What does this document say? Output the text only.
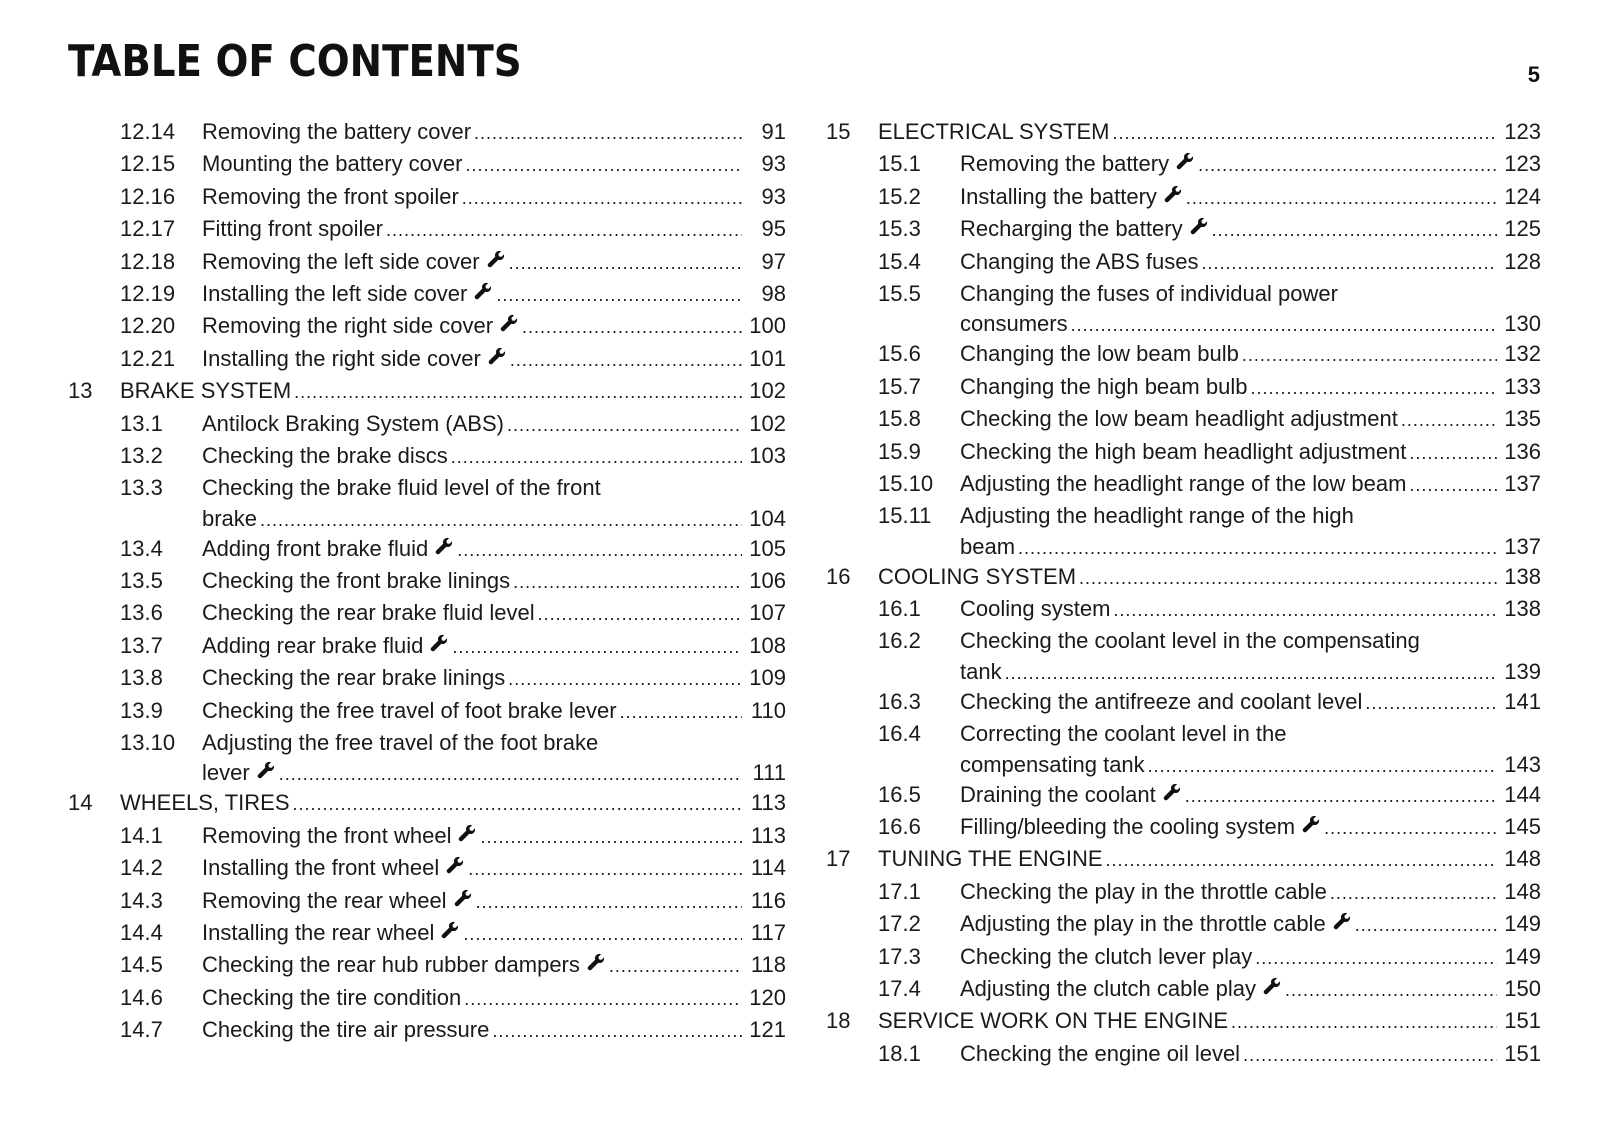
TABLE OF CONTENTS	5
12.14 Removing the battery cover .....	91
12.15 Mounting the battery cover .....	93
12.16 Removing the front spoiler .....	93
12.17 Fitting front spoiler .....	95
12.18 Removing the left side cover .....	97
12.19 Installing the left side cover .....	98
12.20 Removing the right side cover .....	100
12.21 Installing the right side cover .....	101
13 BRAKE SYSTEM .....	102
13.1 Antilock Braking System (ABS) .....	102
13.2 Checking the brake discs .....	103
13.3 Checking the brake fluid level of the front
brake .....	104
13.4 Adding front brake fluid .....	105
13.5 Checking the front brake linings .....	106
13.6 Checking the rear brake fluid level .....	107
13.7 Adding rear brake fluid .....	108
13.8 Checking the rear brake linings .....	109
13.9 Checking the free travel of foot brake lever .....	110
13.10 Adjusting the free travel of the foot brake
lever .....	111
14 WHEELS, TIRES .....	113
14.1 Removing the front wheel .....	113
14.2 Installing the front wheel .....	114
14.3 Removing the rear wheel .....	116
14.4 Installing the rear wheel .....	117
14.5 Checking the rear hub rubber dampers .....	118
14.6 Checking the tire condition .....	120
14.7 Checking the tire air pressure .....	121
15 ELECTRICAL SYSTEM .....	123
15.1 Removing the battery .....	123
15.2 Installing the battery .....	124
15.3 Recharging the battery .....	125
15.4 Changing the ABS fuses .....	128
15.5 Changing the fuses of individual power
consumers .....	130
15.6 Changing the low beam bulb .....	132
15.7 Changing the high beam bulb .....	133
15.8 Checking the low beam headlight adjustment .....	135
15.9 Checking the high beam headlight adjustment .....	136
15.10 Adjusting the headlight range of the low beam .....	137
15.11 Adjusting the headlight range of the high
beam .....	137
16 COOLING SYSTEM .....	138
16.1 Cooling system .....	138
16.2 Checking the coolant level in the compensating
tank .....	139
16.3 Checking the antifreeze and coolant level .....	141
16.4 Correcting the coolant level in the
compensating tank .....	143
16.5 Draining the coolant .....	144
16.6 Filling/bleeding the cooling system .....	145
17 TUNING THE ENGINE .....	148
17.1 Checking the play in the throttle cable .....	148
17.2 Adjusting the play in the throttle cable .....	149
17.3 Checking the clutch lever play .....	149
17.4 Adjusting the clutch cable play .....	150
18 SERVICE WORK ON THE ENGINE .....	151
18.1 Checking the engine oil level .....	151
